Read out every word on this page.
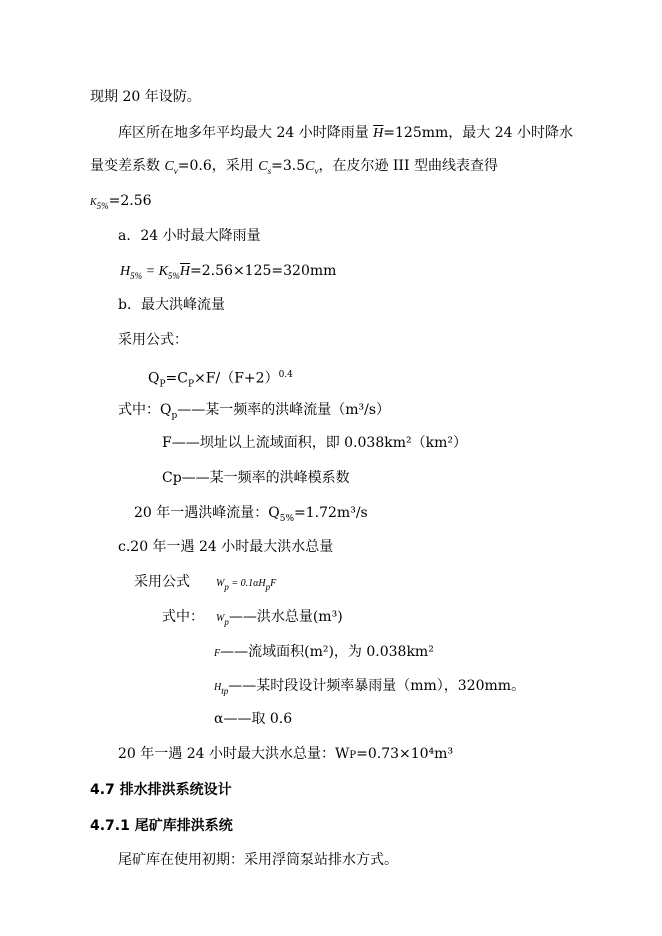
现期 20 年设防。
库区所在地多年平均最大 24 小时降雨量 $\overline{H}=125mm$，最大 24 小时降水
量变差系数 $C_v=0.6$，采用 $C_s=3.5C_v$，在皮尔逊 III 型曲线表查得
$K_{5\%}=2.56$
a．24 小时最大降雨量
$H_{5\%} = K_{5\%}\overline{H}=2.56\times 125=320mm$
b．最大洪峰流量
采用公式：
$Q_P=C_P\times F/(F+2)^{0.4}$
式中：$Q_p——$某一频率的洪峰流量（m³/s）
F——坝址以上流域面积，即 0.038km²（km²）
Cp——某一频率的洪峰模系数
20 年一遇洪峰流量：$Q_{5\%}=1.72m^3/s$
c.20 年一遇 24 小时最大洪水总量
采用公式	$W_p = 0.1\alpha H_pF$
式中： $W_p——$洪水总量(m³)
F——流域面积(m²)，为 0.038km²
$H_{tp}——$某时段设计频率暴雨量（mm），320mm。
α——取 0.6
20 年一遇 24 小时最大洪水总量：WP=0.73×10⁴m³
4.7 排水排洪系统设计
4.7.1 尾矿库排洪系统
尾矿库在使用初期：采用浮筒泵站排水方式。
